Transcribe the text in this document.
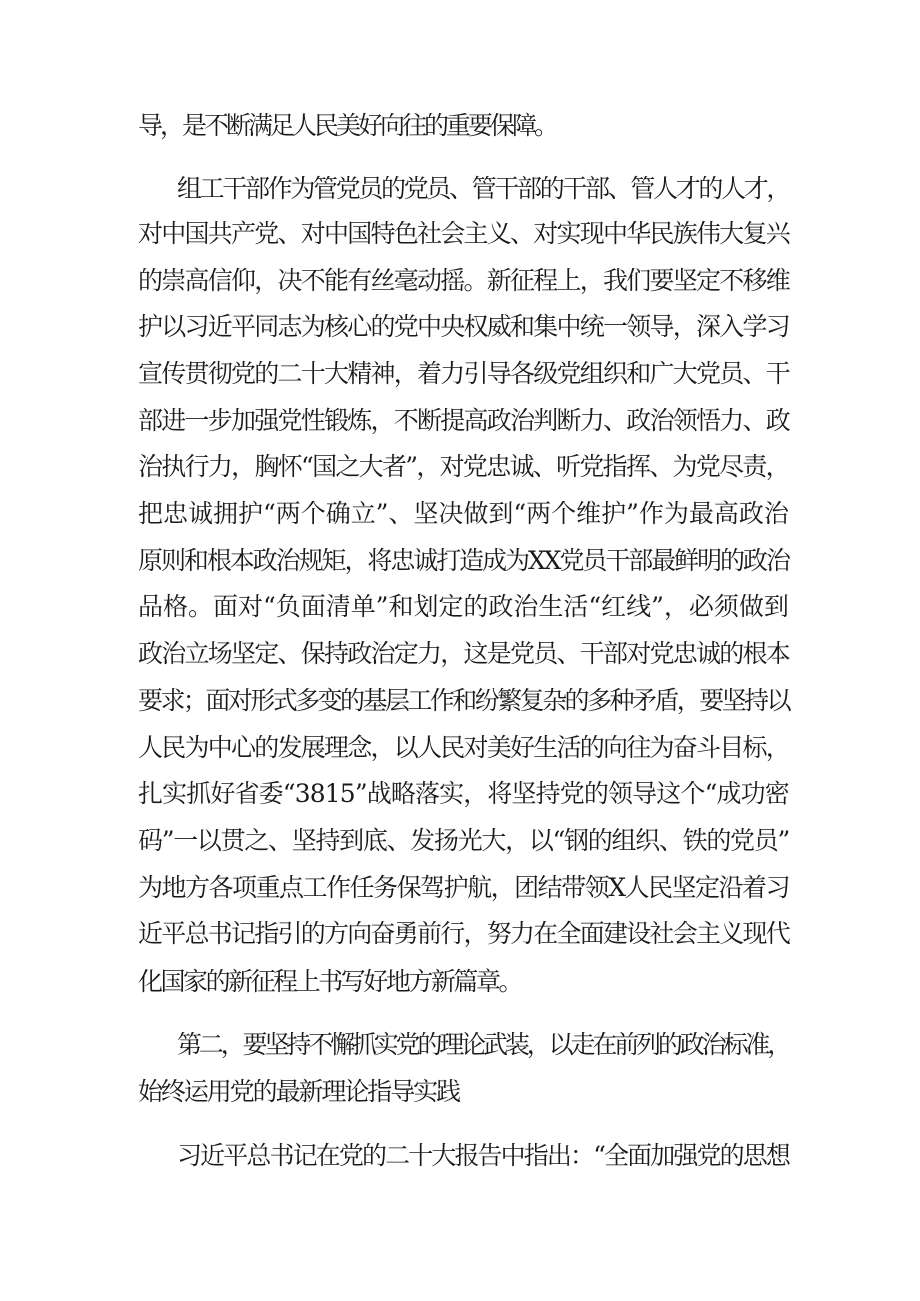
导，是不断满足人民美好向往的重要保障。
组工干部作为管党员的党员、管干部的干部、管人才的人才，
对中国共产党、对中国特色社会主义、对实现中华民族伟大复兴
的崇高信仰，决不能有丝毫动摇。新征程上，我们要坚定不移维
护以习近平同志为核心的党中央权威和集中统一领导，深入学习
宣传贯彻党的二十大精神，着力引导各级党组织和广大党员、干
部进一步加强党性锻炼，不断提高政治判断力、政治领悟力、政
治执行力，胸怀“国之大者”，对党忠诚、听党指挥、为党尽责，
把忠诚拥护“两个确立”、坚决做到“两个维护”作为最高政治
原则和根本政治规矩，将忠诚打造成为XX党员干部最鲜明的政治
品格。面对“负面清单”和划定的政治生活“红线”，必须做到
政治立场坚定、保持政治定力，这是党员、干部对党忠诚的根本
要求；面对形式多变的基层工作和纷繁复杂的多种矛盾，要坚持以
人民为中心的发展理念，以人民对美好生活的向往为奋斗目标，
扎实抓好省委“3815”战略落实，将坚持党的领导这个“成功密
码”一以贯之、坚持到底、发扬光大，以“钢的组织、铁的党员”
为地方各项重点工作任务保驾护航，团结带领X人民坚定沿着习
近平总书记指引的方向奋勇前行，努力在全面建设社会主义现代
化国家的新征程上书写好地方新篇章。
第二，要坚持不懈抓实党的理论武装，以走在前列的政治标准，
始终运用党的最新理论指导实践
习近平总书记在党的二十大报告中指出：“全面加强党的思想
